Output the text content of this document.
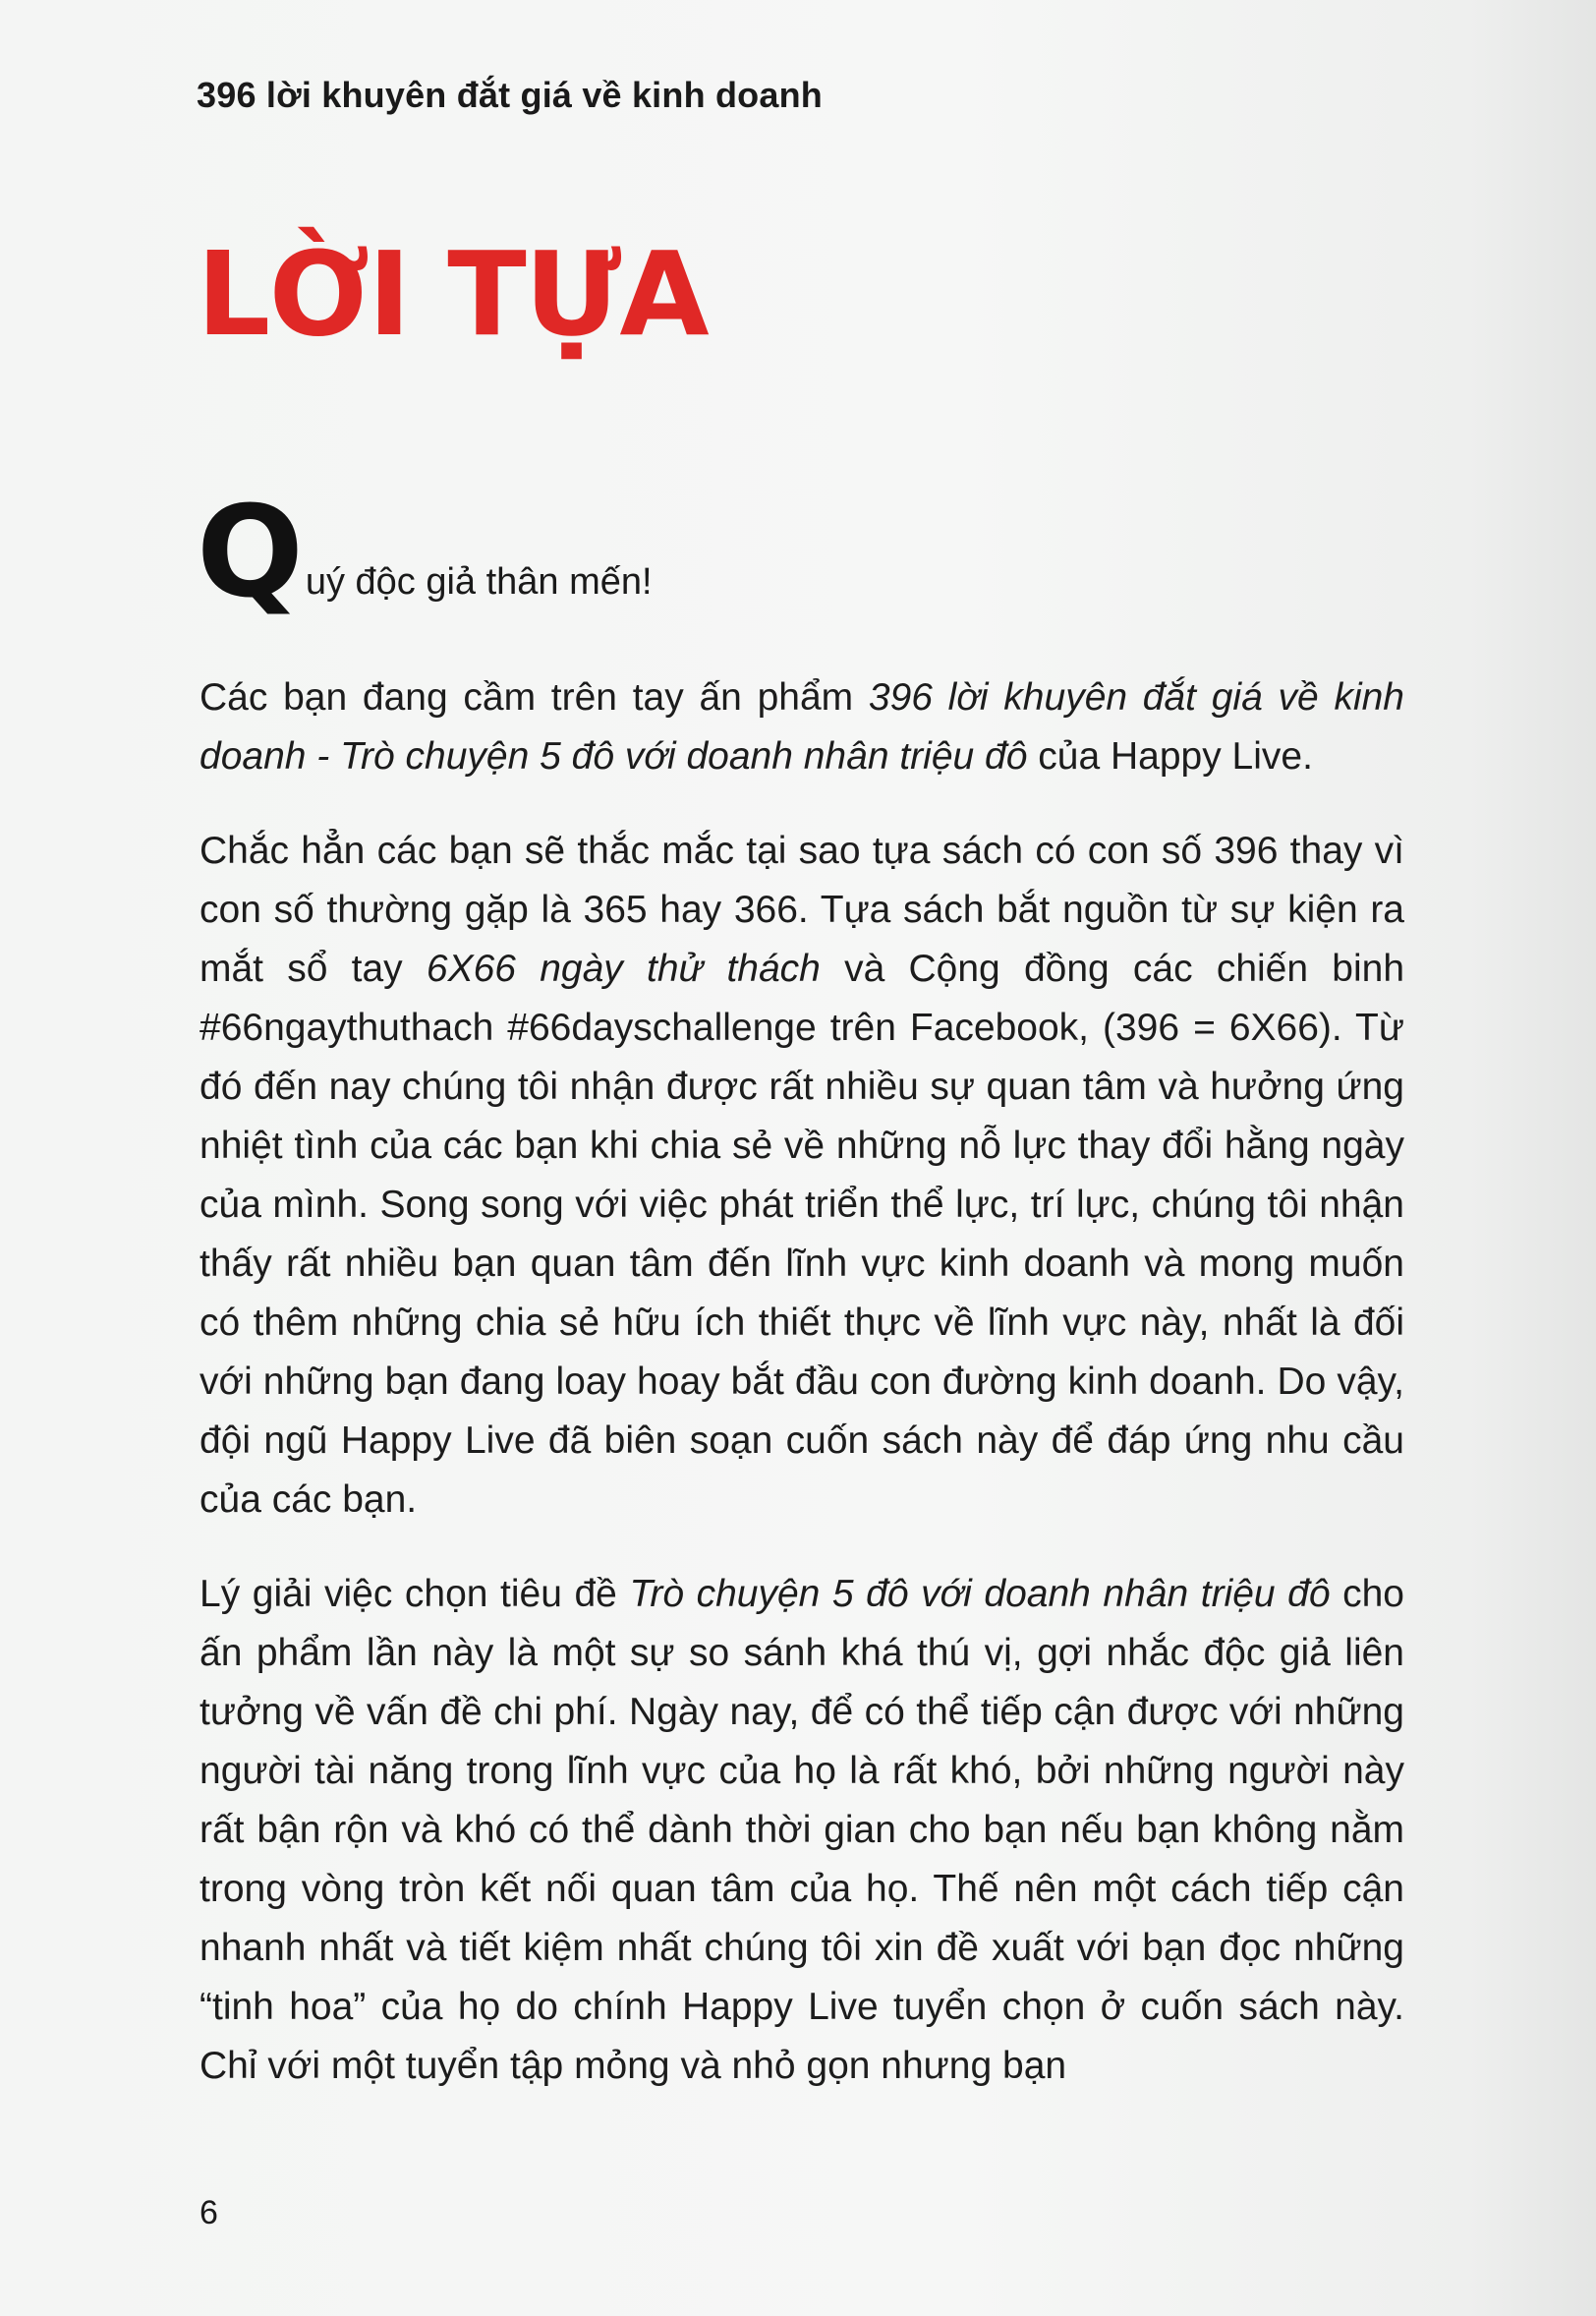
396 lời khuyên đắt giá về kinh doanh
LỜI TỰA
Q uý độc giả thân mến!

Các bạn đang cầm trên tay ấn phẩm 396 lời khuyên đắt giá về kinh doanh - Trò chuyện 5 đô với doanh nhân triệu đô của Happy Live.

Chắc hẳn các bạn sẽ thắc mắc tại sao tựa sách có con số 396 thay vì con số thường gặp là 365 hay 366. Tựa sách bắt nguồn từ sự kiện ra mắt sổ tay 6X66 ngày thử thách và Cộng đồng các chiến binh #66ngaythuthach #66dayschallenge trên Facebook, (396 = 6X66). Từ đó đến nay chúng tôi nhận được rất nhiều sự quan tâm và hưởng ứng nhiệt tình của các bạn khi chia sẻ về những nỗ lực thay đổi hằng ngày của mình. Song song với việc phát triển thể lực, trí lực, chúng tôi nhận thấy rất nhiều bạn quan tâm đến lĩnh vực kinh doanh và mong muốn có thêm những chia sẻ hữu ích thiết thực về lĩnh vực này, nhất là đối với những bạn đang loay hoay bắt đầu con đường kinh doanh. Do vậy, đội ngũ Happy Live đã biên soạn cuốn sách này để đáp ứng nhu cầu của các bạn.

Lý giải việc chọn tiêu đề Trò chuyện 5 đô với doanh nhân triệu đô cho ấn phẩm lần này là một sự so sánh khá thú vị, gợi nhắc độc giả liên tưởng về vấn đề chi phí. Ngày nay, để có thể tiếp cận được với những người tài năng trong lĩnh vực của họ là rất khó, bởi những người này rất bận rộn và khó có thể dành thời gian cho bạn nếu bạn không nằm trong vòng tròn kết nối quan tâm của họ. Thế nên một cách tiếp cận nhanh nhất và tiết kiệm nhất chúng tôi xin đề xuất với bạn đọc những “tinh hoa” của họ do chính Happy Live tuyển chọn ở cuốn sách này. Chỉ với một tuyển tập mỏng và nhỏ gọn nhưng bạn

6
